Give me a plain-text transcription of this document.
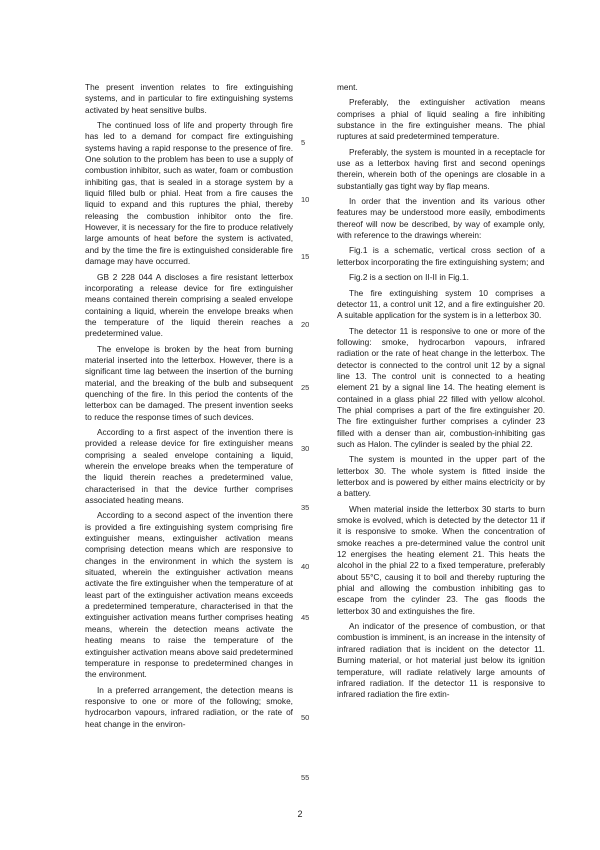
The present invention relates to fire extinguishing systems, and in particular to fire extinguishing systems activated by heat sensitive bulbs.

The continued loss of life and property through fire has led to a demand for compact fire extinguishing systems having a rapid response to the presence of fire. One solution to the problem has been to use a supply of combustion inhibitor, such as water, foam or combustion inhibiting gas, that is sealed in a storage system by a liquid filled bulb or phial. Heat from a fire causes the liquid to expand and this ruptures the phial, thereby releasing the combustion inhibitor onto the fire. However, it is necessary for the fire to produce relatively large amounts of heat before the system is activated, and by the time the fire is extinguished considerable fire damage may have occurred.

GB 2 228 044 A discloses a fire resistant letterbox incorporating a release device for fire extinguisher means contained therein comprising a sealed envelope containing a liquid, wherein the envelope breaks when the temperature of the liquid therein reaches a predetermined value.

The envelope is broken by the heat from burning material inserted into the letterbox. However, there is a significant time lag between the insertion of the burning material, and the breaking of the bulb and subsequent quenching of the fire. In this period the contents of the letterbox can be damaged. The present invention seeks to reduce the response times of such devices.

According to a first aspect of the invention there is provided a release device for fire extinguisher means comprising a sealed envelope containing a liquid, wherein the envelope breaks when the temperature of the liquid therein reaches a predetermined value, characterised in that the device further comprises associated heating means.

According to a second aspect of the invention there is provided a fire extinguishing system comprising fire extinguisher means, extinguisher activation means comprising detection means which are responsive to changes in the environment in which the system is situated, wherein the extinguisher activation means activate the fire extinguisher when the temperature of at least part of the extinguisher activation means exceeds a predetermined temperature, characterised in that the extinguisher activation means further comprises heating means, wherein the detection means activate the heating means to raise the temperature of the extinguisher activation means above said predetermined temperature in response to predetermined changes in the environment.

In a preferred arrangement, the detection means is responsive to one or more of the following; smoke, hydrocarbon vapours, infrared radiation, or the rate of heat change in the environ-

ment.

Preferably, the extinguisher activation means comprises a phial of liquid sealing a fire inhibiting substance in the fire extinguisher means. The phial ruptures at said predetermined temperature.

Preferably, the system is mounted in a receptacle for use as a letterbox having first and second openings therein, wherein both of the openings are closable in a substantially gas tight way by flap means.

In order that the invention and its various other features may be understood more easily, embodiments thereof will now be described, by way of example only, with reference to the drawings wherein:

Fig.1 is a schematic, vertical cross section of a letterbox incorporating the fire extinguishing system; and

Fig.2 is a section on II-II in Fig.1.

The fire extinguishing system 10 comprises a detector 11, a control unit 12, and a fire extinguisher 20. A suitable application for the system is in a letterbox 30.

The detector 11 is responsive to one or more of the following: smoke, hydrocarbon vapours, infrared radiation or the rate of heat change in the letterbox. The detector is connected to the control unit 12 by a signal line 13. The control unit is connected to a heating element 21 by a signal line 14. The heating element is contained in a glass phial 22 filled with yellow alcohol. The phial comprises a part of the fire extinguisher 20. The fire extinguisher further comprises a cylinder 23 filled with a denser than air, combustion-inhibiting gas such as Halon. The cylinder is sealed by the phial 22.

The system is mounted in the upper part of the letterbox 30. The whole system is fitted inside the letterbox and is powered by either mains electricity or by a battery.

When material inside the letterbox 30 starts to burn smoke is evolved, which is detected by the detector 11 if it is responsive to smoke. When the concentration of smoke reaches a pre-determined value the control unit 12 energises the heating element 21. This heats the alcohol in the phial 22 to a fixed temperature, preferably about 55°C, causing it to boil and thereby rupturing the phial and allowing the combustion inhibiting gas to escape from the cylinder 23. The gas floods the letterbox 30 and extinguishes the fire.

An indicator of the presence of combustion, or that combustion is imminent, is an increase in the intensity of infrared radiation that is incident on the detector 11. Burning material, or hot material just below its ignition temperature, will radiate relatively large amounts of infrared radiation. If the detector 11 is responsive to infrared radiation the fire extin-

5
10
15
20
25
30
35
40
45
50
55
2
